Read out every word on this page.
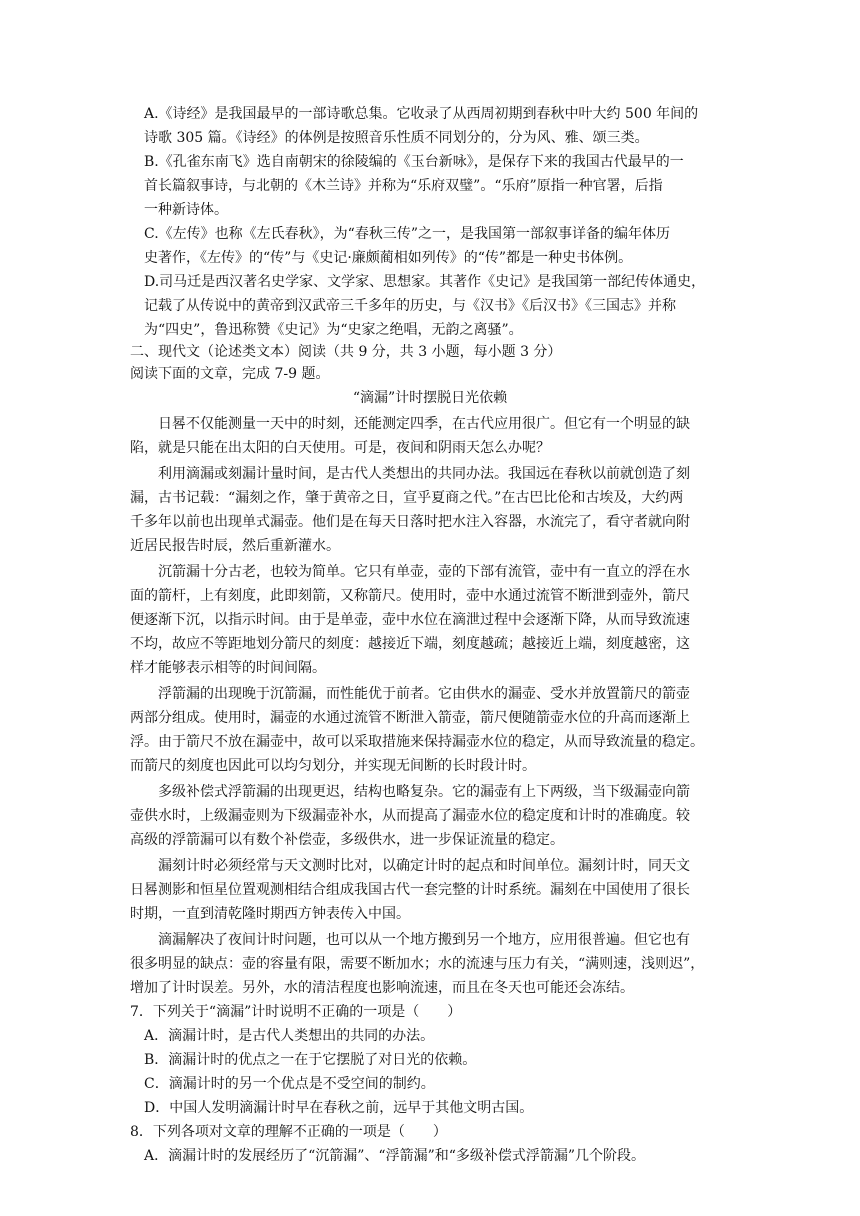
A.《诗经》是我国最早的一部诗歌总集。它收录了从西周初期到春秋中叶大约 500 年间的
诗歌 305 篇。《诗经》的体例是按照音乐性质不同划分的，分为风、雅、颂三类。
B.《孔雀东南飞》选自南朝宋的徐陵编的《玉台新咏》，是保存下来的我国古代最早的一
首长篇叙事诗，与北朝的《木兰诗》并称为“乐府双璧”。“乐府”原指一种官署，后指
一种新诗体。
C.《左传》也称《左氏春秋》，为“春秋三传”之一，是我国第一部叙事详备的编年体历
史著作，《左传》的“传”与《史记·廉颇蔺相如列传》的“传”都是一种史书体例。
D.司马迁是西汉著名史学家、文学家、思想家。其著作《史记》是我国第一部纪传体通史，
记载了从传说中的黄帝到汉武帝三千多年的历史，与《汉书》《后汉书》《三国志》并称
为“四史”，鲁迅称赞《史记》为“史家之绝唱，无韵之离骚”。
二、现代文（论述类文本）阅读（共 9 分，共 3 小题，每小题 3 分）
阅读下面的文章，完成 7-9 题。
“滴漏”计时摆脱日光依赖
日晷不仅能测量一天中的时刻，还能测定四季，在古代应用很广。但它有一个明显的缺
陷，就是只能在出太阳的白天使用。可是，夜间和阴雨天怎么办呢？
利用滴漏或刻漏计量时间，是古代人类想出的共同办法。我国远在春秋以前就创造了刻
漏，古书记载：“漏刻之作，肇于黄帝之日，宣乎夏商之代。”在古巴比伦和古埃及，大约两
千多年以前也出现单式漏壶。他们是在每天日落时把水注入容器，水流完了，看守者就向附
近居民报告时辰，然后重新灌水。
沉箭漏十分古老，也较为简单。它只有单壶，壶的下部有流管，壶中有一直立的浮在水
面的箭杆，上有刻度，此即刻箭，又称箭尺。使用时，壶中水通过流管不断泄到壶外，箭尺
便逐渐下沉，以指示时间。由于是单壶，壶中水位在滴泄过程中会逐渐下降，从而导致流速
不均，故应不等距地划分箭尺的刻度：越接近下端，刻度越疏；越接近上端，刻度越密，这
样才能够表示相等的时间间隔。
浮箭漏的出现晚于沉箭漏，而性能优于前者。它由供水的漏壶、受水并放置箭尺的箭壶
两部分组成。使用时，漏壶的水通过流管不断泄入箭壶，箭尺便随箭壶水位的升高而逐渐上
浮。由于箭尺不放在漏壶中，故可以采取措施来保持漏壶水位的稳定，从而导致流量的稳定。
而箭尺的刻度也因此可以均匀划分，并实现无间断的长时段计时。
多级补偿式浮箭漏的出现更迟，结构也略复杂。它的漏壶有上下两级，当下级漏壶向箭
壶供水时，上级漏壶则为下级漏壶补水，从而提高了漏壶水位的稳定度和计时的准确度。较
高级的浮箭漏可以有数个补偿壶，多级供水，进一步保证流量的稳定。
漏刻计时必须经常与天文测时比对，以确定计时的起点和时间单位。漏刻计时，同天文
日晷测影和恒星位置观测相结合组成我国古代一套完整的计时系统。漏刻在中国使用了很长
时期，一直到清乾隆时期西方钟表传入中国。
滴漏解决了夜间计时问题，也可以从一个地方搬到另一个地方，应用很普遍。但它也有
很多明显的缺点：壶的容量有限，需要不断加水；水的流速与压力有关，“满则速，浅则迟”，
增加了计时误差。另外，水的清洁程度也影响流速，而且在冬天也可能还会冻结。
7．下列关于“滴漏”计时说明不正确的一项是（　　）
A．滴漏计时，是古代人类想出的共同的办法。
B．滴漏计时的优点之一在于它摆脱了对日光的依赖。
C．滴漏计时的另一个优点是不受空间的制约。
D．中国人发明滴漏计时早在春秋之前，远早于其他文明古国。
8．下列各项对文章的理解不正确的一项是（　　）
A．滴漏计时的发展经历了“沉箭漏”、“浮箭漏”和“多级补偿式浮箭漏”几个阶段。
